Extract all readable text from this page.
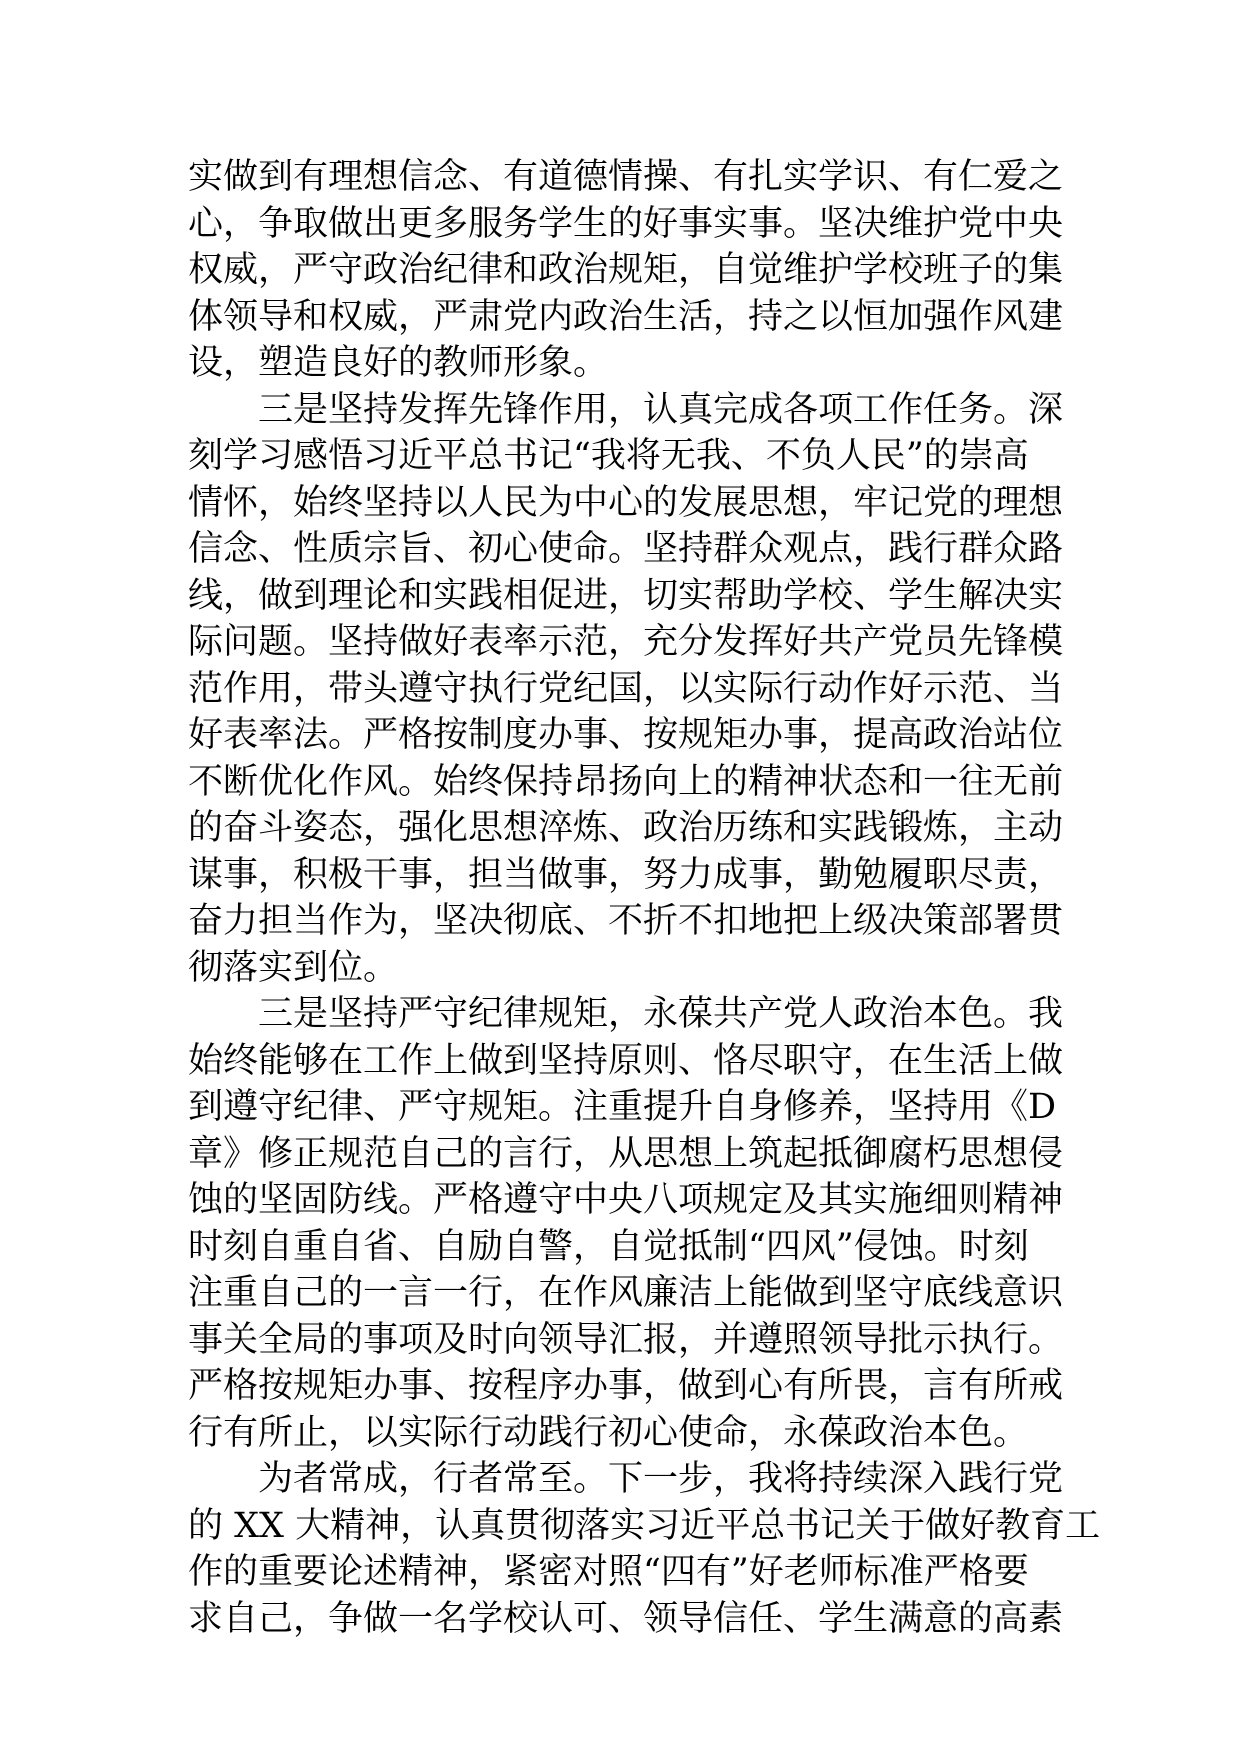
实做到有理想信念、有道德情操、有扎实学识、有仁爱之
心，争取做出更多服务学生的好事实事。坚决维护党中央
权威，严守政治纪律和政治规矩，自觉维护学校班子的集
体领导和权威，严肃党内政治生活，持之以恒加强作风建
设，塑造良好的教师形象。
三是坚持发挥先锋作用，认真完成各项工作任务。深
刻学习感悟习近平总书记“我将无我、不负人民”的崇高
情怀，始终坚持以人民为中心的发展思想，牢记党的理想
信念、性质宗旨、初心使命。坚持群众观点，践行群众路
线，做到理论和实践相促进，切实帮助学校、学生解决实
际问题。坚持做好表率示范，充分发挥好共产党员先锋模
范作用，带头遵守执行党纪国，以实际行动作好示范、当
好表率法。严格按制度办事、按规矩办事，提高政治站位
不断优化作风。始终保持昂扬向上的精神状态和一往无前
的奋斗姿态，强化思想淬炼、政治历练和实践锻炼，主动
谋事，积极干事，担当做事，努力成事，勤勉履职尽责，
奋力担当作为，坚决彻底、不折不扣地把上级决策部署贯
彻落实到位。
三是坚持严守纪律规矩，永葆共产党人政治本色。我
始终能够在工作上做到坚持原则、恪尽职守，在生活上做
到遵守纪律、严守规矩。注重提升自身修养，坚持用《D
章》修正规范自己的言行，从思想上筑起抵御腐朽思想侵
蚀的坚固防线。严格遵守中央八项规定及其实施细则精神
时刻自重自省、自励自警，自觉抵制“四风”侵蚀。时刻
注重自己的一言一行，在作风廉洁上能做到坚守底线意识
事关全局的事项及时向领导汇报，并遵照领导批示执行。
严格按规矩办事、按程序办事，做到心有所畏，言有所戒
行有所止，以实际行动践行初心使命，永葆政治本色。
为者常成，行者常至。下一步，我将持续深入践行党
的 XX 大精神，认真贯彻落实习近平总书记关于做好教育工
作的重要论述精神，紧密对照“四有”好老师标准严格要
求自己，争做一名学校认可、领导信任、学生满意的高素
